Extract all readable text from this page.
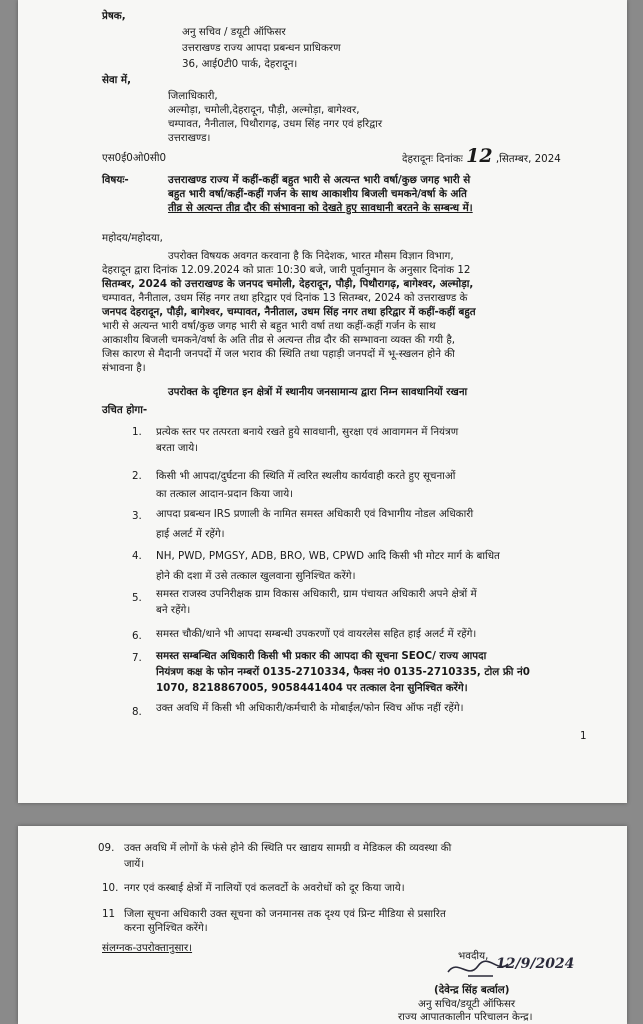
प्रेषक,
अनु सचिव / डयूटी ऑफिसर
उत्तराखण्ड राज्य आपदा प्रबन्धन प्राधिकरण
36, आई0टी0 पार्क, देहरादून।
सेवा में,
जिलाधिकारी,
अल्मोड़ा, चमोली,देहरादून, पौड़ी, अल्मोड़ा, बागेश्वर,
चम्पावत, नैनीताल, पिथौरागढ़, उधम सिंह नगर एवं हरिद्वार
उत्तराखण्ड।
एस0ई0ओ0सी0	देहरादूनः दिनांकः 12 ,सितम्बर, 2024
विषयः-	उत्तराखण्ड राज्य में कहीं-कहीं बहुत भारी से अत्यन्त भारी वर्षा/कुछ जगह भारी से
बहुत भारी वर्षा/कहीं-कहीं गर्जन के साथ आकाशीय बिजली चमकने/वर्षा के अति
तीव्र से अत्यन्त तीव्र दौर की संभावना को देखते हुए सावधानी बरतने के सम्बन्ध में।
महोदय/महोदया,
उपरोक्त विषयक अवगत करवाना है कि निदेशक, भारत मौसम विज्ञान विभाग,
देहरादून द्वारा दिनांक 12.09.2024 को प्रातः 10:30 बजे, जारी पूर्वानुमान के अनुसार दिनांक 12
सितम्बर, 2024 को उत्तराखण्ड के जनपद चमोली, देहरादून, पौड़ी, पिथौरागढ़, बागेश्वर, अल्मोड़ा,
चम्पावत, नैनीताल, उधम सिंह नगर तथा हरिद्वार एवं दिनांक 13 सितम्बर, 2024 को उत्तराखण्ड के
जनपद देहरादून, पौड़ी, बागेश्वर, चम्पावत, नैनीताल, उधम सिंह नगर तथा हरिद्वार में कहीं-कहीं बहुत
भारी से अत्यन्त भारी वर्षा/कुछ जगह भारी से बहुत भारी वर्षा तथा कहीं-कहीं गर्जन के साथ
आकाशीय बिजली चमकने/वर्षा के अति तीव्र से अत्यन्त तीव्र दौर की सम्भावना व्यक्त की गयी है,
जिस कारण से मैदानी जनपदों में जल भराव की स्थिति तथा पहाड़ी जनपदों में भू-स्खलन होने की
संभावना है।
उपरोक्त के दृष्टिगत इन क्षेत्रों में स्थानीय जनसामान्य द्वारा निम्न सावधानियों रखना
उचित होगा-
1. प्रत्येक स्तर पर तत्परता बनाये रखते हुये सावधानी, सुरक्षा एवं आवागमन में नियंत्रण
बरता जाये।
2. किसी भी आपदा/दुर्घटना की स्थिति में त्वरित स्थलीय कार्यवाही करते हुए सूचनाओं
का तत्काल आदान-प्रदान किया जाये।
3. आपदा प्रबन्धन IRS प्रणाली के नामित समस्त अधिकारी एवं विभागीय नोडल अधिकारी
हाई अलर्ट में रहेंगे।
4. NH, PWD, PMGSY, ADB, BRO, WB, CPWD आदि किसी भी मोटर मार्ग के बाधित
होने की दशा में उसे तत्काल खुलवाना सुनिश्चित करेंगे।
5. समस्त राजस्व उपनिरीक्षक ग्राम विकास अधिकारी, ग्राम पंचायत अधिकारी अपने क्षेत्रों में
बने रहेंगे।
6. समस्त चौकी/थाने भी आपदा सम्बन्धी उपकरणों एवं वायरलेस सहित हाई अलर्ट में रहेंगे।
7. समस्त सम्बन्धित अधिकारी किसी भी प्रकार की आपदा की सूचना SEOC/ राज्य आपदा
नियंत्रण कक्ष के फोन नम्बरों 0135-2710334, फैक्स नं0 0135-2710335, टोल फ्री नं0
1070, 8218867005, 9058441404 पर तत्काल देना सुनिश्चित करेंगे।
8. उक्त अवधि में किसी भी अधिकारी/कर्मचारी के मोबाईल/फोन स्विच ऑफ नहीं रहेंगे।
1
09. उक्त अवधि में लोगों के फंसे होने की स्थिति पर खाद्यय सामग्री व मेडिकल की व्यवस्था की
जायें।
10. नगर एवं कस्बाई क्षेत्रों में नालियों एवं कलवर्टो के अवरोधों को दूर किया जाये।
11 जिला सूचना अधिकारी उक्त सूचना को जनमानस तक दृश्य एवं प्रिन्ट मीडिया से प्रसारित
करना सुनिश्चित करेंगे।
संलग्नक-उपरोक्तानुसार।
भवदीय, 12/9/2024
(देवेन्द्र सिंह बर्त्वाल)
अनु सचिव/डयूटी ऑफिसर
राज्य आपातकालीन परिचालन केन्द्र।
